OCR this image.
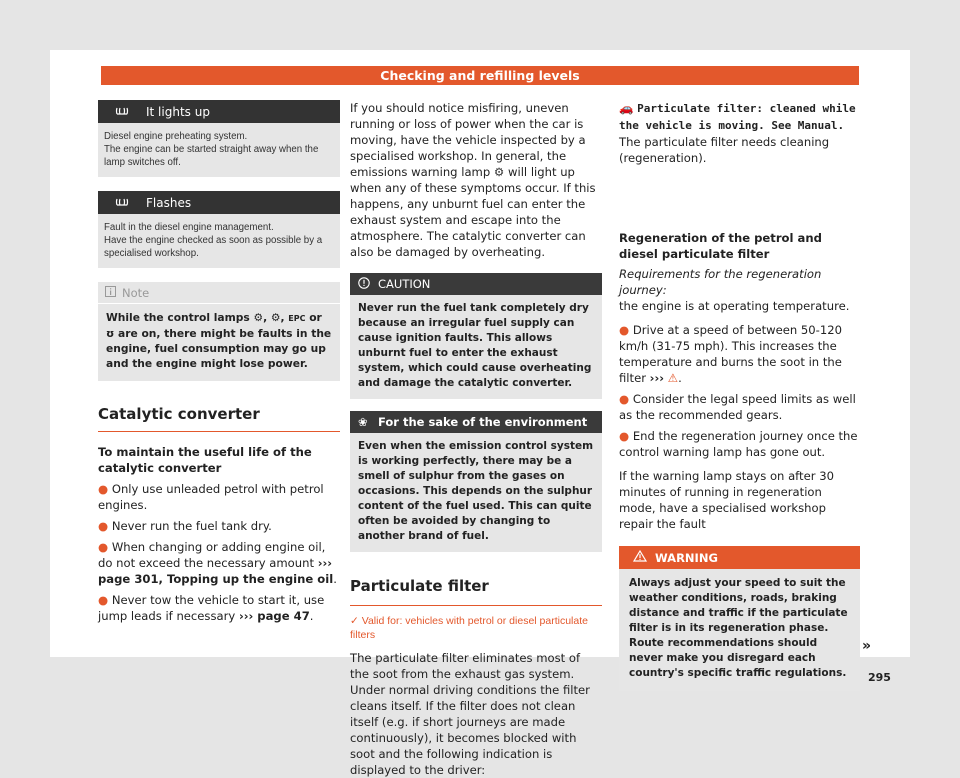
Checking and refilling levels
It lights up
Diesel engine preheating system.
The engine can be started straight away when the lamp switches off.
Flashes
Fault in the diesel engine management.
Have the engine checked as soon as possible by a specialised workshop.
Note
While the control lamps ⚙, ⚙, EPC or ʊ are on, there might be faults in the engine, fuel consumption may go up and the engine might lose power.
Catalytic converter
To maintain the useful life of the catalytic converter
● Only use unleaded petrol with petrol engines.
● Never run the fuel tank dry.
● When changing or adding engine oil, do not exceed the necessary amount ››› page 301, Topping up the engine oil.
● Never tow the vehicle to start it, use jump leads if necessary ››› page 47.
If you should notice misfiring, uneven running or loss of power when the car is moving, have the vehicle inspected by a specialised workshop. In general, the emissions warning lamp ⚙ will light up when any of these symptoms occur. If this happens, any unburnt fuel can enter the exhaust system and escape into the atmosphere. The catalytic converter can also be damaged by overheating.
CAUTION
Never run the fuel tank completely dry because an irregular fuel supply can cause ignition faults. This allows unburnt fuel to enter the exhaust system, which could cause overheating and damage the catalytic converter.
❀ For the sake of the environment
Even when the emission control system is working perfectly, there may be a smell of sulphur from the gases on occasions. This depends on the sulphur content of the fuel used. This can quite often be avoided by changing to another brand of fuel.
Particulate filter
✓ Valid for: vehicles with petrol or diesel particulate filters
The particulate filter eliminates most of the soot from the exhaust gas system. Under normal driving conditions the filter cleans itself. If the filter does not clean itself (e.g. if short journeys are made continuously), it becomes blocked with soot and the following indication is displayed to the driver:
🚗 Particulate filter: cleaned while the vehicle is moving. See Manual. The particulate filter needs cleaning (regeneration).
Regeneration of the petrol and diesel particulate filter
Requirements for the regeneration journey:
the engine is at operating temperature.
● Drive at a speed of between 50-120 km/h (31-75 mph). This increases the temperature and burns the soot in the filter ››› ⚠.
● Consider the legal speed limits as well as the recommended gears.
● End the regeneration journey once the control warning lamp has gone out.
If the warning lamp stays on after 30 minutes of running in regeneration mode, have a specialised workshop repair the fault
WARNING
Always adjust your speed to suit the weather conditions, roads, braking distance and traffic if the particulate filter is in its regeneration phase. Route recommendations should never make you disregard each country's specific traffic regulations.
»
295
